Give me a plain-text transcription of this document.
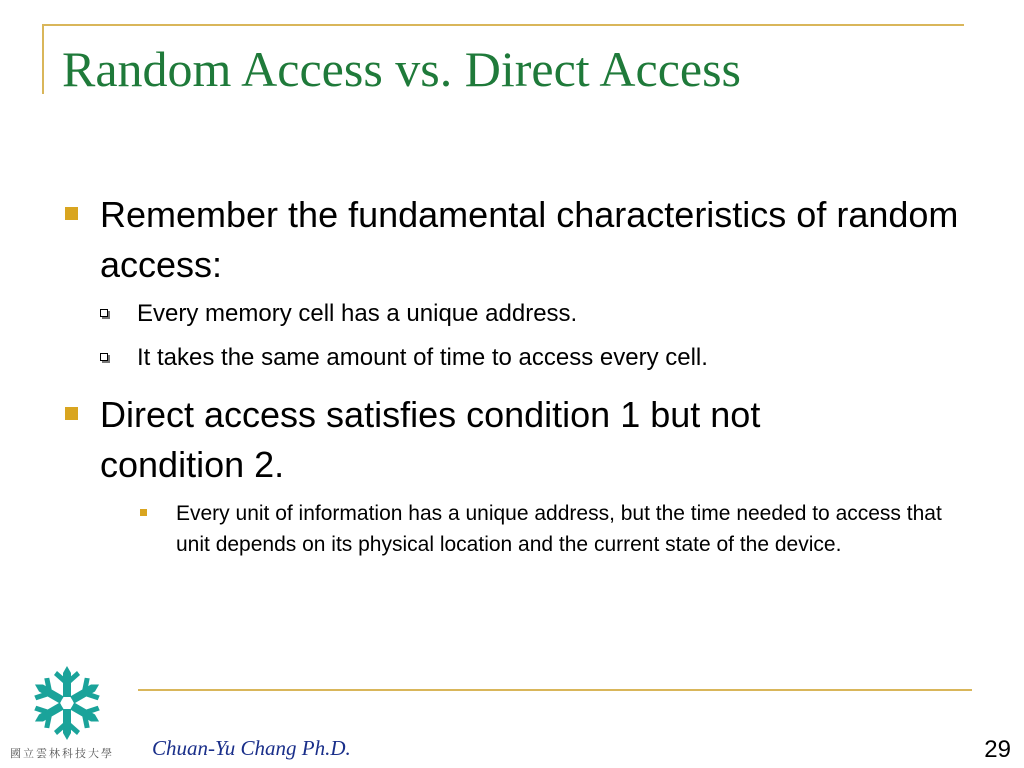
Random Access vs. Direct Access
Remember the fundamental characteristics of random access:
Every memory cell has a unique address.
It takes the same amount of time to access every cell.
Direct access satisfies condition 1 but not condition 2.
Every unit of information has a unique address, but the time needed to access that unit depends on its physical location and the current state of the device.
國立雲林科技大學	Chuan-Yu Chang Ph.D.	29
